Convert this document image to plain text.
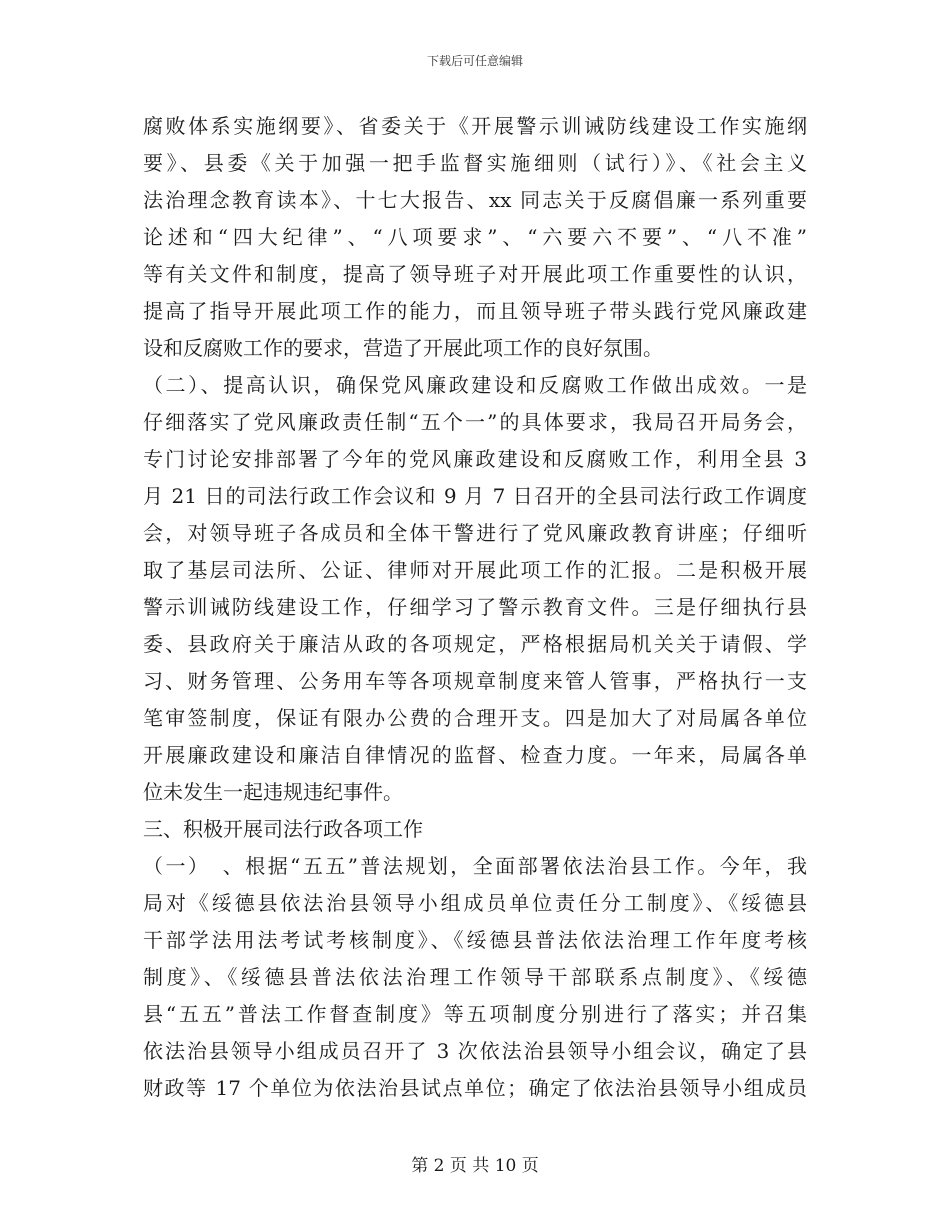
下载后可任意编辑
腐败体系实施纲要》、省委关于《开展警示训诫防线建设工作实施纲
要》、县委《关于加强一把手监督实施细则（试行）》、《社会主义
法治理念教育读本》、十七大报告、xx 同志关于反腐倡廉一系列重要
论述和“四大纪律”、“八项要求”、“六要六不要”、“八不准”
等有关文件和制度，提高了领导班子对开展此项工作重要性的认识，
提高了指导开展此项工作的能力，而且领导班子带头践行党风廉政建
设和反腐败工作的要求，营造了开展此项工作的良好氛围。
（二）、提高认识，确保党风廉政建设和反腐败工作做出成效。一是
仔细落实了党风廉政责任制“五个一”的具体要求，我局召开局务会，
专门讨论安排部署了今年的党风廉政建设和反腐败工作，利用全县 3
月 21 日的司法行政工作会议和 9 月 7 日召开的全县司法行政工作调度
会，对领导班子各成员和全体干警进行了党风廉政教育讲座；仔细听
取了基层司法所、公证、律师对开展此项工作的汇报。二是积极开展
警示训诫防线建设工作，仔细学习了警示教育文件。三是仔细执行县
委、县政府关于廉洁从政的各项规定，严格根据局机关关于请假、学
习、财务管理、公务用车等各项规章制度来管人管事，严格执行一支
笔审签制度，保证有限办公费的合理开支。四是加大了对局属各单位
开展廉政建设和廉洁自律情况的监督、检查力度。一年来，局属各单
位未发生一起违规违纪事件。
三、积极开展司法行政各项工作
（一）　、根据“五五”普法规划，全面部署依法治县工作。今年，我
局对《绥德县依法治县领导小组成员单位责任分工制度》、《绥德县
干部学法用法考试考核制度》、《绥德县普法依法治理工作年度考核
制度》、《绥德县普法依法治理工作领导干部联系点制度》、《绥德
县“五五”普法工作督查制度》等五项制度分别进行了落实；并召集
依法治县领导小组成员召开了 3 次依法治县领导小组会议，确定了县
财政等 17 个单位为依法治县试点单位；确定了依法治县领导小组成员
第 2 页 共 10 页
